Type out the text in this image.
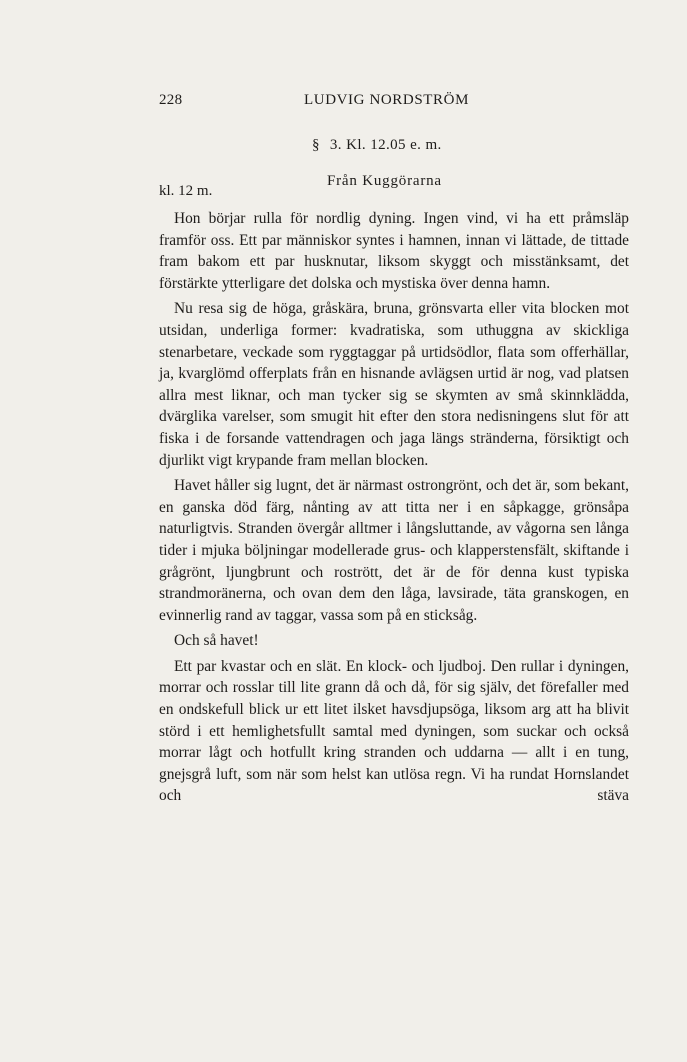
228	LUDVIG NORDSTRÖM
§ 3. Kl. 12.05 e. m.
Från Kuggörarna
kl. 12 m.

Hon börjar rulla för nordlig dyning. Ingen vind, vi ha ett pråmsläp framför oss. Ett par människor syntes i hamnen, innan vi lättade, de tittade fram bakom ett par husknutar, liksom skyggt och misstänksamt, det förstärkte ytterligare det dolska och mystiska över denna hamn.

Nu resa sig de höga, gråskära, bruna, grönsvarta eller vita blocken mot utsidan, underliga former: kvadratiska, som uthuggna av skickliga stenarbetare, veckade som ryggtaggar på urtidsödlor, flata som offerhällar, ja, kvarglömd offerplats från en hisnande avlägsen urtid är nog, vad platsen allra mest liknar, och man tycker sig se skymten av små skinnklädda, dvärglika varelser, som smugit hit efter den stora nedisningens slut för att fiska i de forsande vattendragen och jaga längs stränderna, försiktigt och djurlikt vigt krypande fram mellan blocken.

Havet håller sig lugnt, det är närmast ostrongrönt, och det är, som bekant, en ganska död färg, nånting av att titta ner i en såpkagge, grönsåpa naturligtvis. Stranden övergår alltmer i långsluttande, av vågorna sen långa tider i mjuka böljningar modellerade grus- och klapperstensfält, skiftande i grågrönt, ljungbrunt och rostrött, det är de för denna kust typiska strandmoränerna, och ovan dem den låga, lavsirade, täta granskogen, en evinnerlig rand av taggar, vassa som på en sticksåg.

Och så havet!

Ett par kvastar och en slät. En klock- och ljudboj. Den rullar i dyningen, morrar och rosslar till lite grann då och då, för sig själv, det förefaller med en ondskefull blick ur ett litet ilsket havsdjupsöga, liksom arg att ha blivit störd i ett hemlighetsfullt samtal med dyningen, som suckar och också morrar lågt och hotfullt kring stranden och uddarna — allt i en tung, gnejsgrå luft, som när som helst kan utlösa regn. Vi ha rundat Hornslandet och stäva
